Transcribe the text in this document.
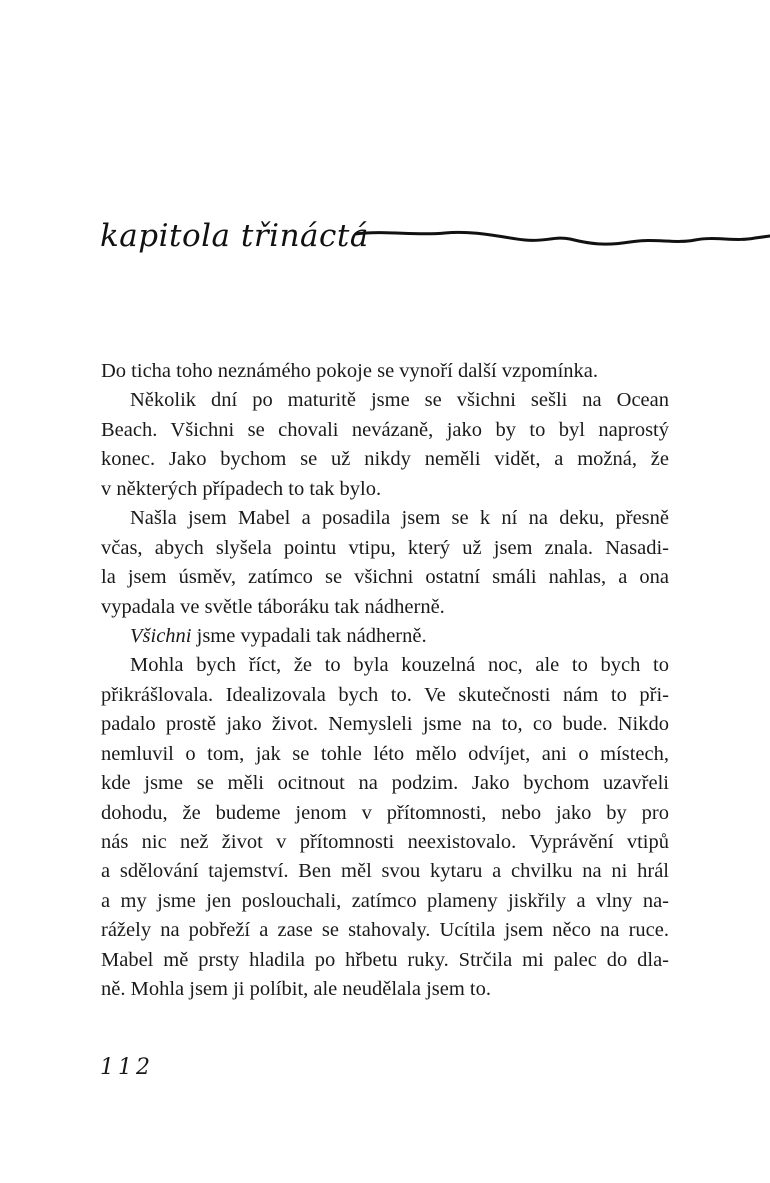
kapitola třináctá
Do ticha toho neznámého pokoje se vynoří další vzpomínka.
Několik dní po maturitě jsme se všichni sešli na Ocean
Beach. Všichni se chovali nevázaně, jako by to byl naprostý
konec. Jako bychom se už nikdy neměli vidět, a možná, že
v některých případech to tak bylo.
Našla jsem Mabel a posadila jsem se k ní na deku, přesně
včas, abych slyšela pointu vtipu, který už jsem znala. Nasadi-
la jsem úsměv, zatímco se všichni ostatní smáli nahlas, a ona
vypadala ve světle táboráku tak nádherně.
Všichni jsme vypadali tak nádherně.
Mohla bych říct, že to byla kouzelná noc, ale to bych to
přikrášlovala. Idealizovala bych to. Ve skutečnosti nám to při-
padalo prostě jako život. Nemysleli jsme na to, co bude. Nikdo
nemluvil o tom, jak se tohle léto mělo odvíjet, ani o místech,
kde jsme se měli ocitnout na podzim. Jako bychom uzavřeli
dohodu, že budeme jenom v přítomnosti, nebo jako by pro
nás nic než život v přítomnosti neexistovalo. Vyprávění vtipů
a sdělování tajemství. Ben měl svou kytaru a chvilku na ni hrál
a my jsme jen poslouchali, zatímco plameny jiskřily a vlny na-
rážely na pobřeží a zase se stahovaly. Ucítila jsem něco na ruce.
Mabel mě prsty hladila po hřbetu ruky. Strčila mi palec do dla-
ně. Mohla jsem ji políbit, ale neudělala jsem to.
112
